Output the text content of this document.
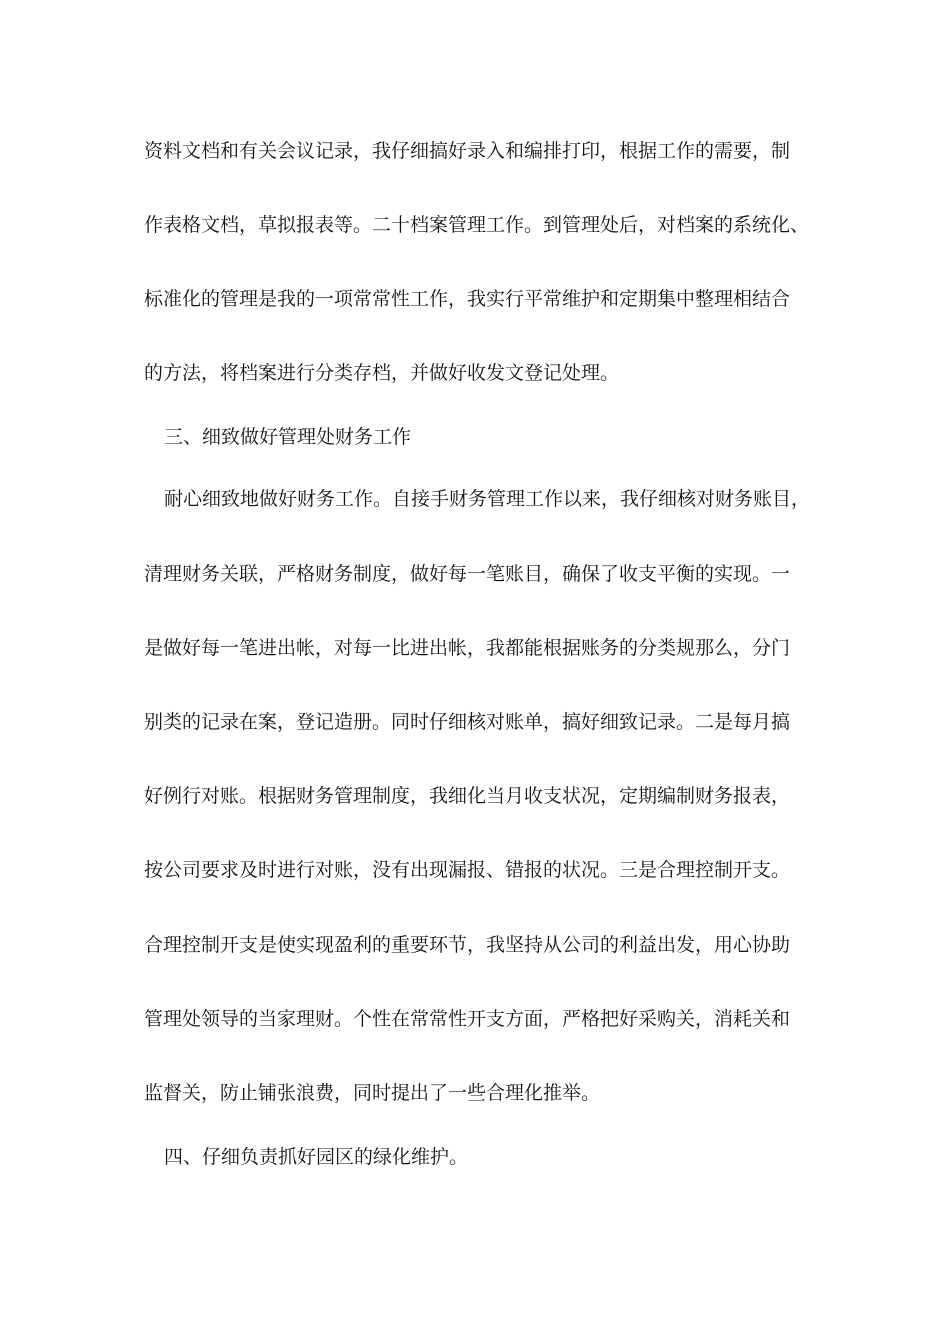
资料文档和有关会议记录，我仔细搞好录入和编排打印，根据工作的需要，制
作表格文档，草拟报表等。二十档案管理工作。到管理处后，对档案的系统化、
标准化的管理是我的一项常常性工作，我实行平常维护和定期集中整理相结合
的方法，将档案进行分类存档，并做好收发文登记处理。
三、细致做好管理处财务工作
耐心细致地做好财务工作。自接手财务管理工作以来，我仔细核对财务账目，
清理财务关联，严格财务制度，做好每一笔账目，确保了收支平衡的实现。一
是做好每一笔进出帐，对每一比进出帐，我都能根据账务的分类规那么，分门
别类的记录在案，登记造册。同时仔细核对账单，搞好细致记录。二是每月搞
好例行对账。根据财务管理制度，我细化当月收支状况，定期编制财务报表，
按公司要求及时进行对账，没有出现漏报、错报的状况。三是合理控制开支。
合理控制开支是使实现盈利的重要环节，我坚持从公司的利益出发，用心协助
管理处领导的当家理财。个性在常常性开支方面，严格把好采购关，消耗关和
监督关，防止铺张浪费，同时提出了一些合理化推举。
四、仔细负责抓好园区的绿化维护。
